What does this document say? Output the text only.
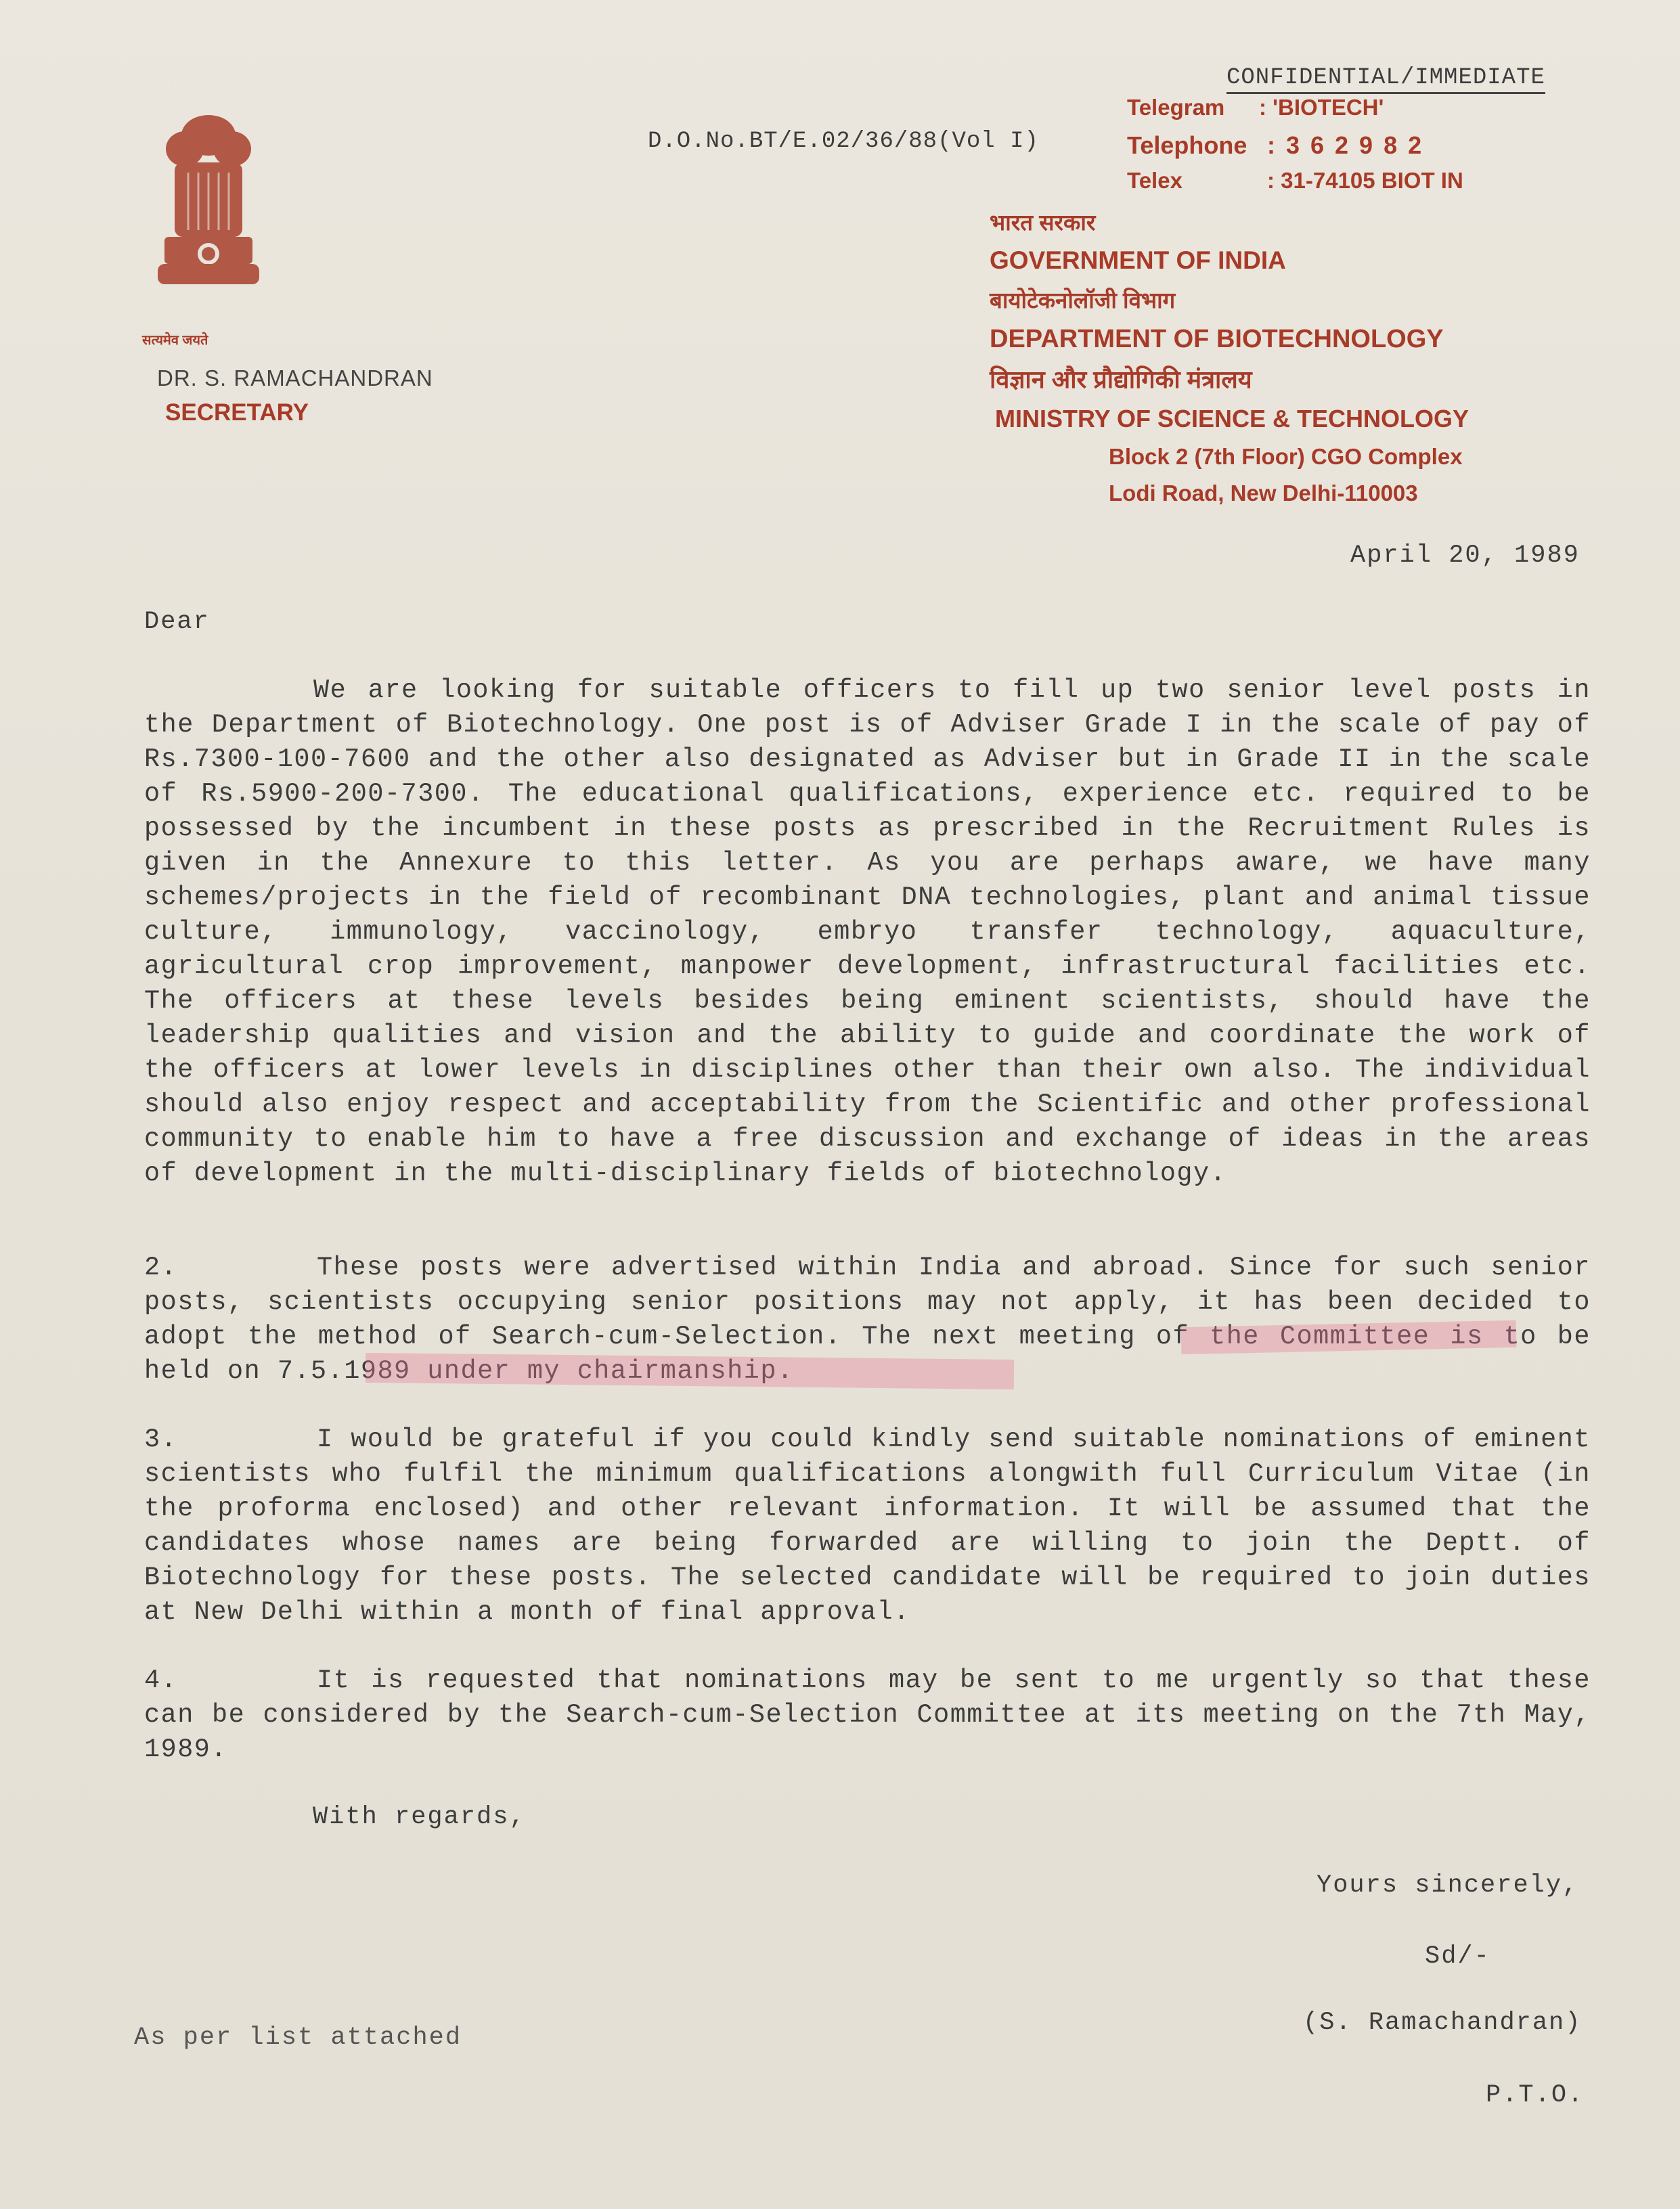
सत्यमेव जयते
CONFIDENTIAL/IMMEDIATE
D.O.No.BT/E.02/36/88(Vol I)
Telegram : 'BIOTECH'
Telephone : 3 6 2 9 8 2
Telex	: 31-74105 BIOT IN
भारत सरकार
GOVERNMENT OF INDIA
बायोटेकनोलॉजी विभाग
DEPARTMENT OF BIOTECHNOLOGY
विज्ञान और प्रौद्योगिकी मंत्रालय
MINISTRY OF SCIENCE & TECHNOLOGY
Block 2 (7th Floor) CGO Complex
Lodi Road, New Delhi-110003
DR. S. RAMACHANDRAN
SECRETARY
April 20, 1989
Dear
We are looking for suitable officers to fill up two senior level posts in the Department of Biotechnology. One post is of Adviser Grade I in the scale of pay of Rs.7300-100-7600 and the other also designated as Adviser but in Grade II in the scale of Rs.5900-200-7300. The educational qualifications, experience etc. required to be possessed by the incumbent in these posts as prescribed in the Recruitment Rules is given in the Annexure to this letter. As you are perhaps aware, we have many schemes/projects in the field of recombinant DNA technologies, plant and animal tissue culture, immunology, vaccinology, embryo transfer technology, aquaculture, agricultural crop improvement, manpower development, infrastructural facilities etc. The officers at these levels besides being eminent scientists, should have the leadership qualities and vision and the ability to guide and coordinate the work of the officers at lower levels in disciplines other than their own also. The individual should also enjoy respect and acceptability from the Scientific and other professional community to enable him to have a free discussion and exchange of ideas in the areas of development in the multi-disciplinary fields of biotechnology.
2.	These posts were advertised within India and abroad. Since for such senior posts, scientists occupying senior positions may not apply, it has been decided to adopt the method of Search-cum-Selection. The next meeting of the Committee is to be held on 7.5.1989 under my chairmanship.
3.	I would be grateful if you could kindly send suitable nominations of eminent scientists who fulfil the minimum qualifications alongwith full Curriculum Vitae (in the proforma enclosed) and other relevant information. It will be assumed that the candidates whose names are being forwarded are willing to join the Deptt. of Biotechnology for these posts. The selected candidate will be required to join duties at New Delhi within a month of final approval.
4.	It is requested that nominations may be sent to me urgently so that these can be considered by the Search-cum-Selection Committee at its meeting on the 7th May, 1989.
With regards,
Yours sincerely,
Sd/-
(S. Ramachandran)
As per list attached
P.T.O.
